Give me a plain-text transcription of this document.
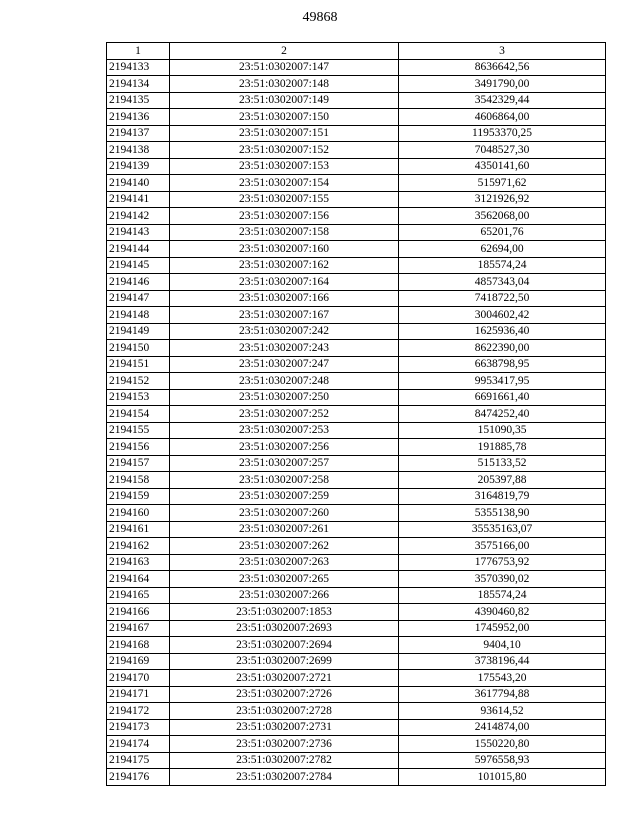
49868
1	2	3
2194133	23:51:0302007:147	8636642,56
2194134	23:51:0302007:148	3491790,00
2194135	23:51:0302007:149	3542329,44
2194136	23:51:0302007:150	4606864,00
2194137	23:51:0302007:151	11953370,25
2194138	23:51:0302007:152	7048527,30
2194139	23:51:0302007:153	4350141,60
2194140	23:51:0302007:154	515971,62
2194141	23:51:0302007:155	3121926,92
2194142	23:51:0302007:156	3562068,00
2194143	23:51:0302007:158	65201,76
2194144	23:51:0302007:160	62694,00
2194145	23:51:0302007:162	185574,24
2194146	23:51:0302007:164	4857343,04
2194147	23:51:0302007:166	7418722,50
2194148	23:51:0302007:167	3004602,42
2194149	23:51:0302007:242	1625936,40
2194150	23:51:0302007:243	8622390,00
2194151	23:51:0302007:247	6638798,95
2194152	23:51:0302007:248	9953417,95
2194153	23:51:0302007:250	6691661,40
2194154	23:51:0302007:252	8474252,40
2194155	23:51:0302007:253	151090,35
2194156	23:51:0302007:256	191885,78
2194157	23:51:0302007:257	515133,52
2194158	23:51:0302007:258	205397,88
2194159	23:51:0302007:259	3164819,79
2194160	23:51:0302007:260	5355138,90
2194161	23:51:0302007:261	35535163,07
2194162	23:51:0302007:262	3575166,00
2194163	23:51:0302007:263	1776753,92
2194164	23:51:0302007:265	3570390,02
2194165	23:51:0302007:266	185574,24
2194166	23:51:0302007:1853	4390460,82
2194167	23:51:0302007:2693	1745952,00
2194168	23:51:0302007:2694	9404,10
2194169	23:51:0302007:2699	3738196,44
2194170	23:51:0302007:2721	175543,20
2194171	23:51:0302007:2726	3617794,88
2194172	23:51:0302007:2728	93614,52
2194173	23:51:0302007:2731	2414874,00
2194174	23:51:0302007:2736	1550220,80
2194175	23:51:0302007:2782	5976558,93
2194176	23:51:0302007:2784	101015,80
